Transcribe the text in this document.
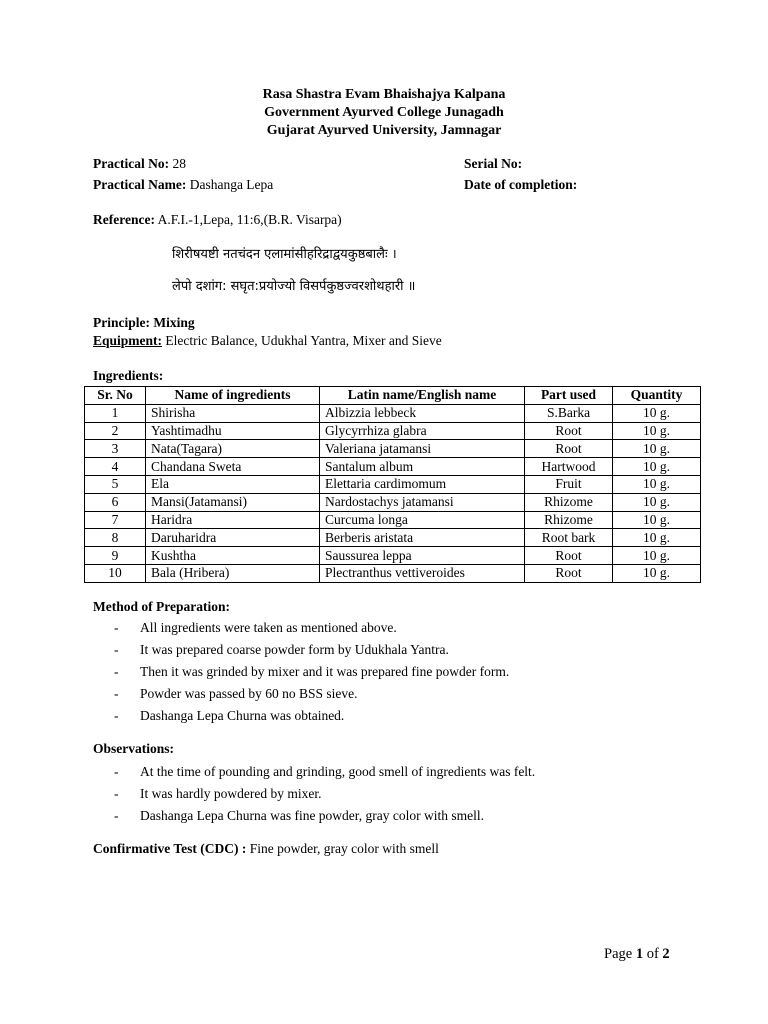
Rasa Shastra Evam Bhaishajya Kalpana
Government Ayurved College Junagadh
Gujarat Ayurved University, Jamnagar
Practical No: 28	Serial No:
Practical Name: Dashanga Lepa	Date of completion:
Reference: A.F.I.-1,Lepa, 11:6,(B.R. Visarpa)
शिरीषयष्टी नतचंदन एलामांसीहरिद्राद्वयकुष्ठबालैः ।
लेपो दशांग: सघृत:प्रयोज्यो विसर्पकुष्ठज्वरशोथहारी ॥
Principle: Mixing
Equipment: Electric Balance, Udukhal Yantra, Mixer and Sieve
Ingredients:
Sr. No	Name of ingredients	Latin name/English name	Part used	Quantity
1	Shirisha	Albizzia lebbeck	S.Barka	10 g.
2	Yashtimadhu	Glycyrrhiza glabra	Root	10 g.
3	Nata(Tagara)	Valeriana jatamansi	Root	10 g.
4	Chandana Sweta	Santalum album	Hartwood	10 g.
5	Ela	Elettaria cardimomum	Fruit	10 g.
6	Mansi(Jatamansi)	Nardostachys jatamansi	Rhizome	10 g.
7	Haridra	Curcuma longa	Rhizome	10 g.
8	Daruharidra	Berberis aristata	Root bark	10 g.
9	Kushtha	Saussurea leppa	Root	10 g.
10	Bala (Hribera)	Plectranthus vettiveroides	Root	10 g.
Method of Preparation:
- All ingredients were taken as mentioned above.
- It was prepared coarse powder form by Udukhala Yantra.
- Then it was grinded by mixer and it was prepared fine powder form.
- Powder was passed by 60 no BSS sieve.
- Dashanga Lepa Churna was obtained.
Observations:
- At the time of pounding and grinding, good smell of ingredients was felt.
- It was hardly powdered by mixer.
- Dashanga Lepa Churna was fine powder, gray color with smell.
Confirmative Test (CDC) : Fine powder, gray color with smell
Page 1 of 2
